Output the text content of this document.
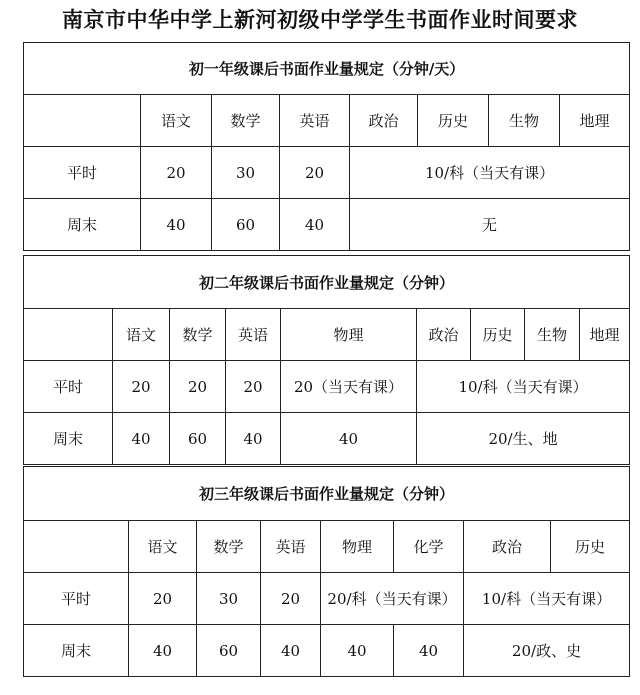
南京市中华中学上新河初级中学学生书面作业时间要求
初一年级课后书面作业量规定（分钟/天）							
	语文	数学	英语	政治	历史	生物	地理
平时	20	30	20	10/科（当天有课）			
周末	40	60	40	无			
初二年级课后书面作业量规定（分钟）								
	语文	数学	英语	物理	政治	历史	生物	地理
平时	20	20	20	20（当天有课）	10/科（当天有课）			
周末	40	60	40	40	20/生、地			
初三年级课后书面作业量规定（分钟）							
	语文	数学	英语	物理	化学	政治	历史
平时	20	30	20	20/科（当天有课）		10/科（当天有课）	
周末	40	60	40	40	40	20/政、史	
